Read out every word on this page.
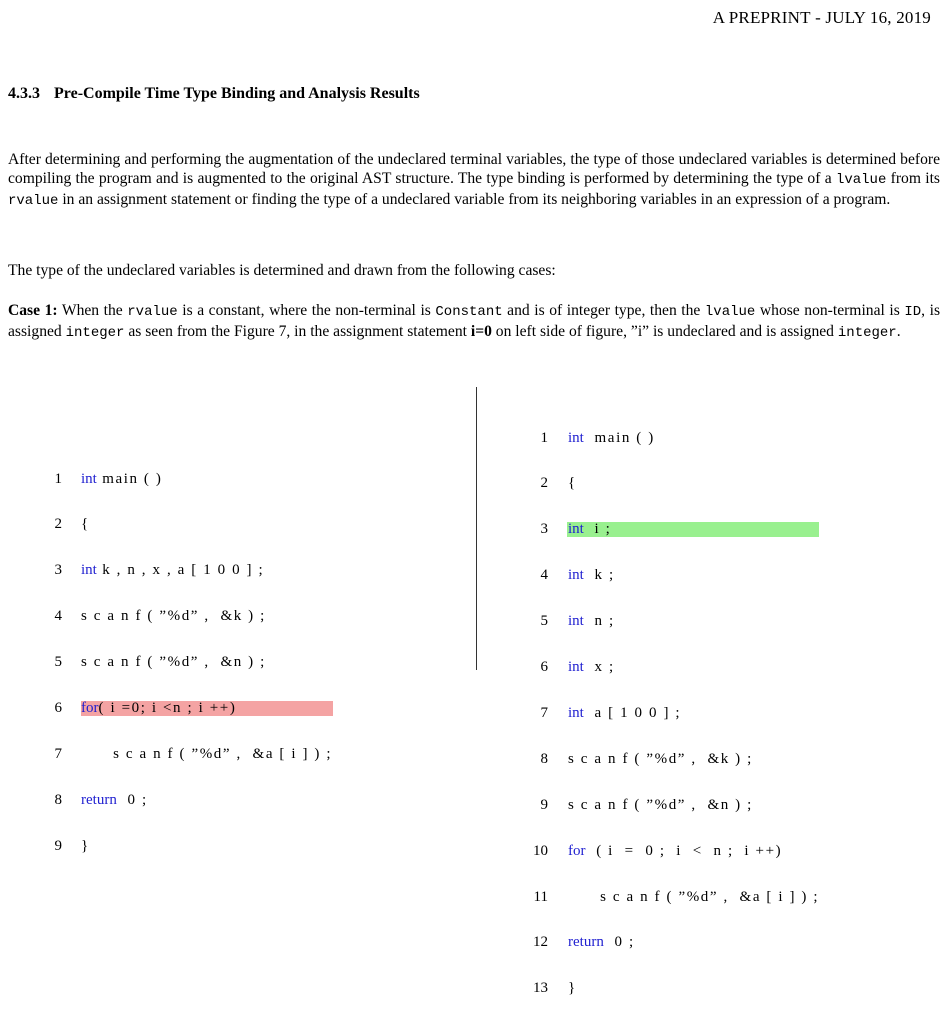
A PREPRINT - JULY 16, 2019
4.3.3 Pre-Compile Time Type Binding and Analysis Results

After determining and performing the augmentation of the undeclared terminal variables, the type of those undeclared variables is determined before compiling the program and is augmented to the original AST structure. The type binding is performed by determining the type of a lvalue from its rvalue in an assignment statement or finding the type of a undeclared variable from its neighboring variables in an expression of a program.

The type of the undeclared variables is determined and drawn from the following cases:

Case 1: When the rvalue is a constant, where the non-terminal is Constant and is of integer type, then the lvalue whose non-terminal is ID, is assigned integer as seen from the Figure 7, in the assignment statement i=0 on left side of figure, ”i” is undeclared and is assigned integer.

1 int main ( )

2 {

3 int k , n , x , a [ 1 0 0 ] ;

4 s c a n f ( ”%d” ,  &k ) ;

5 s c a n f ( ”%d” ,  &n ) ;

6 for( i =0; i <n ; i ++)

7 s c a n f ( ”%d” ,  &a [ i ] ) ;

8 return  0 ;

9 }

1 int  main ( )

2 {

3 int  i ;

4 int  k ;

5 int  n ;

6 int  x ;

7 int  a [ 1 0 0 ] ;

8 s c a n f ( ”%d” ,  &k ) ;

9 s c a n f ( ”%d” ,  &n ) ;

10 for  ( i  =  0 ;  i  <  n ;  i ++)

11 s c a n f ( ”%d” ,  &a [ i ] ) ;

12 return  0 ;

13 }
